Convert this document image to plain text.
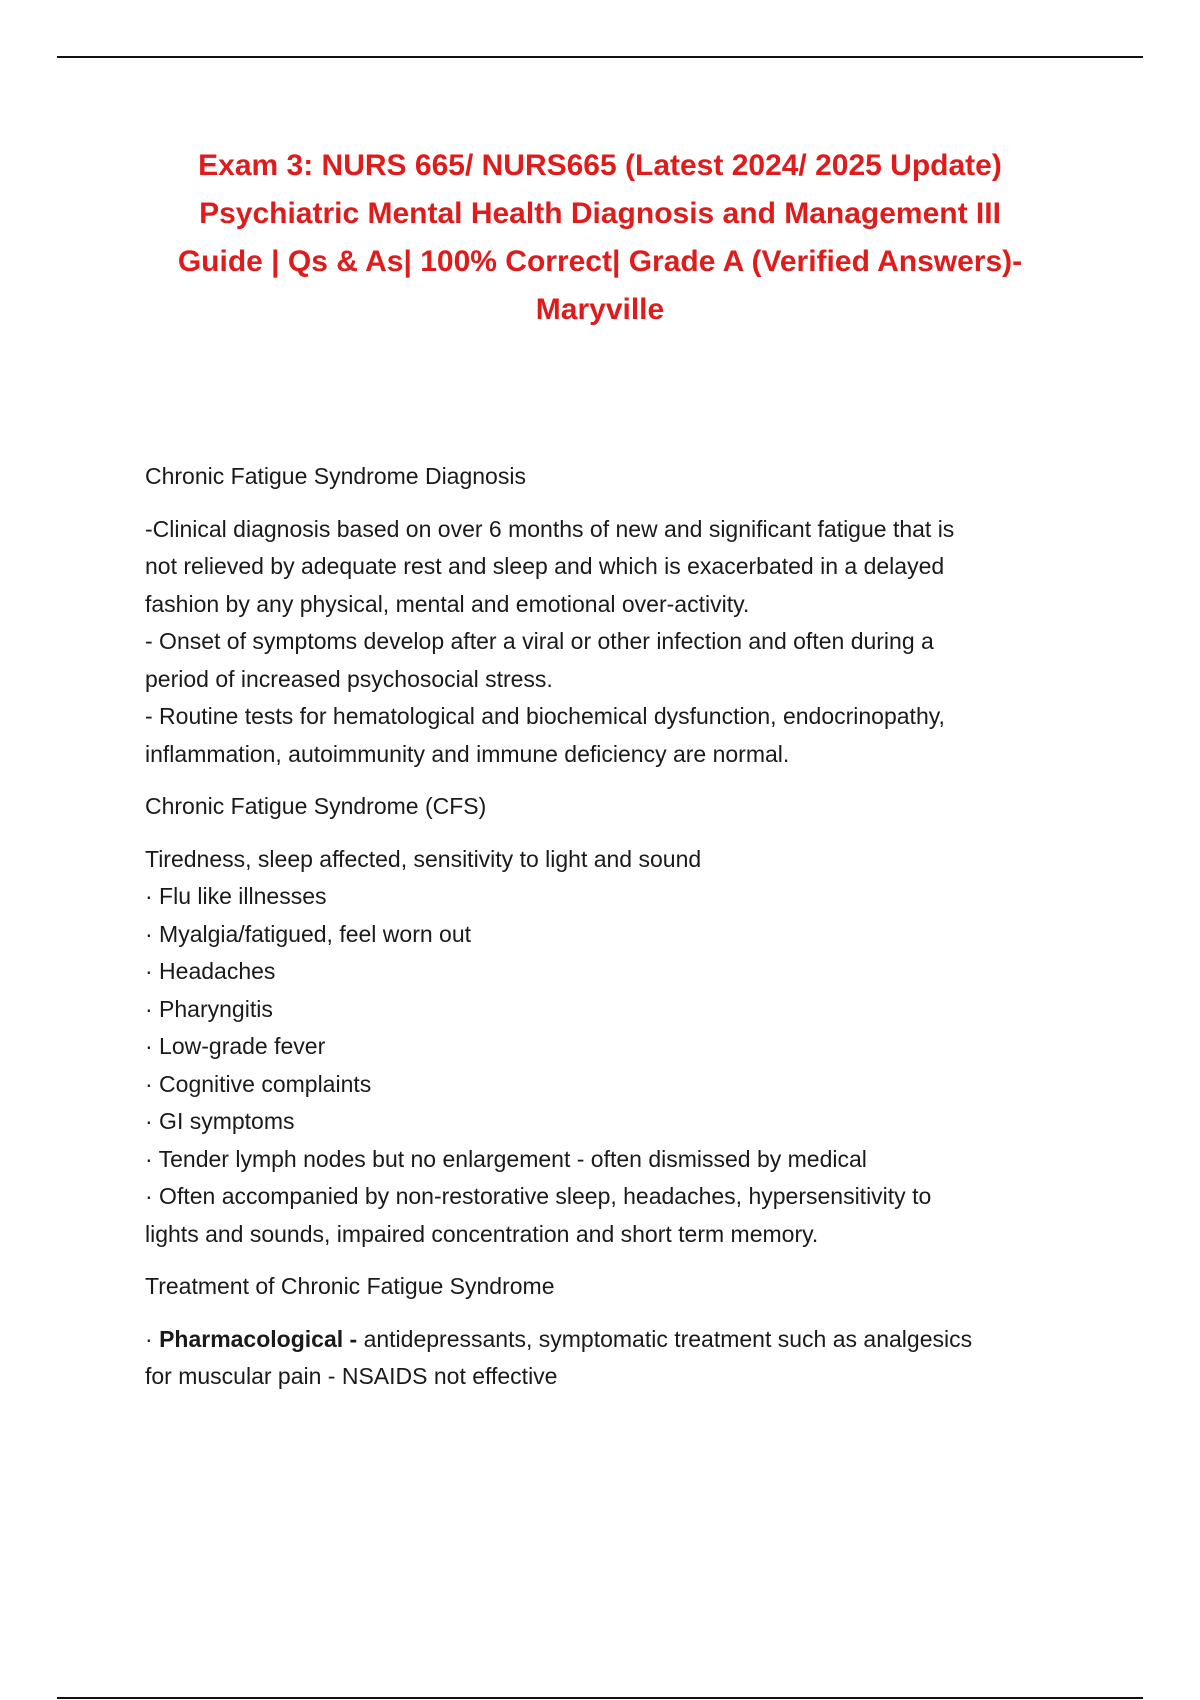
Exam 3: NURS 665/ NURS665 (Latest 2024/ 2025 Update)
Psychiatric Mental Health Diagnosis and Management III
Guide | Qs & As| 100% Correct| Grade A (Verified Answers)-
Maryville
Chronic Fatigue Syndrome Diagnosis
-Clinical diagnosis based on over 6 months of new and significant fatigue that is
not relieved by adequate rest and sleep and which is exacerbated in a delayed
fashion by any physical, mental and emotional over-activity.
- Onset of symptoms develop after a viral or other infection and often during a
period of increased psychosocial stress.
- Routine tests for hematological and biochemical dysfunction, endocrinopathy,
inflammation, autoimmunity and immune deficiency are normal.
Chronic Fatigue Syndrome (CFS)
Tiredness, sleep affected, sensitivity to light and sound
· Flu like illnesses
· Myalgia/fatigued, feel worn out
· Headaches
· Pharyngitis
· Low-grade fever
· Cognitive complaints
· GI symptoms
· Tender lymph nodes but no enlargement - often dismissed by medical
· Often accompanied by non-restorative sleep, headaches, hypersensitivity to
lights and sounds, impaired concentration and short term memory.
Treatment of Chronic Fatigue Syndrome
· Pharmacological - antidepressants, symptomatic treatment such as analgesics
for muscular pain - NSAIDS not effective
